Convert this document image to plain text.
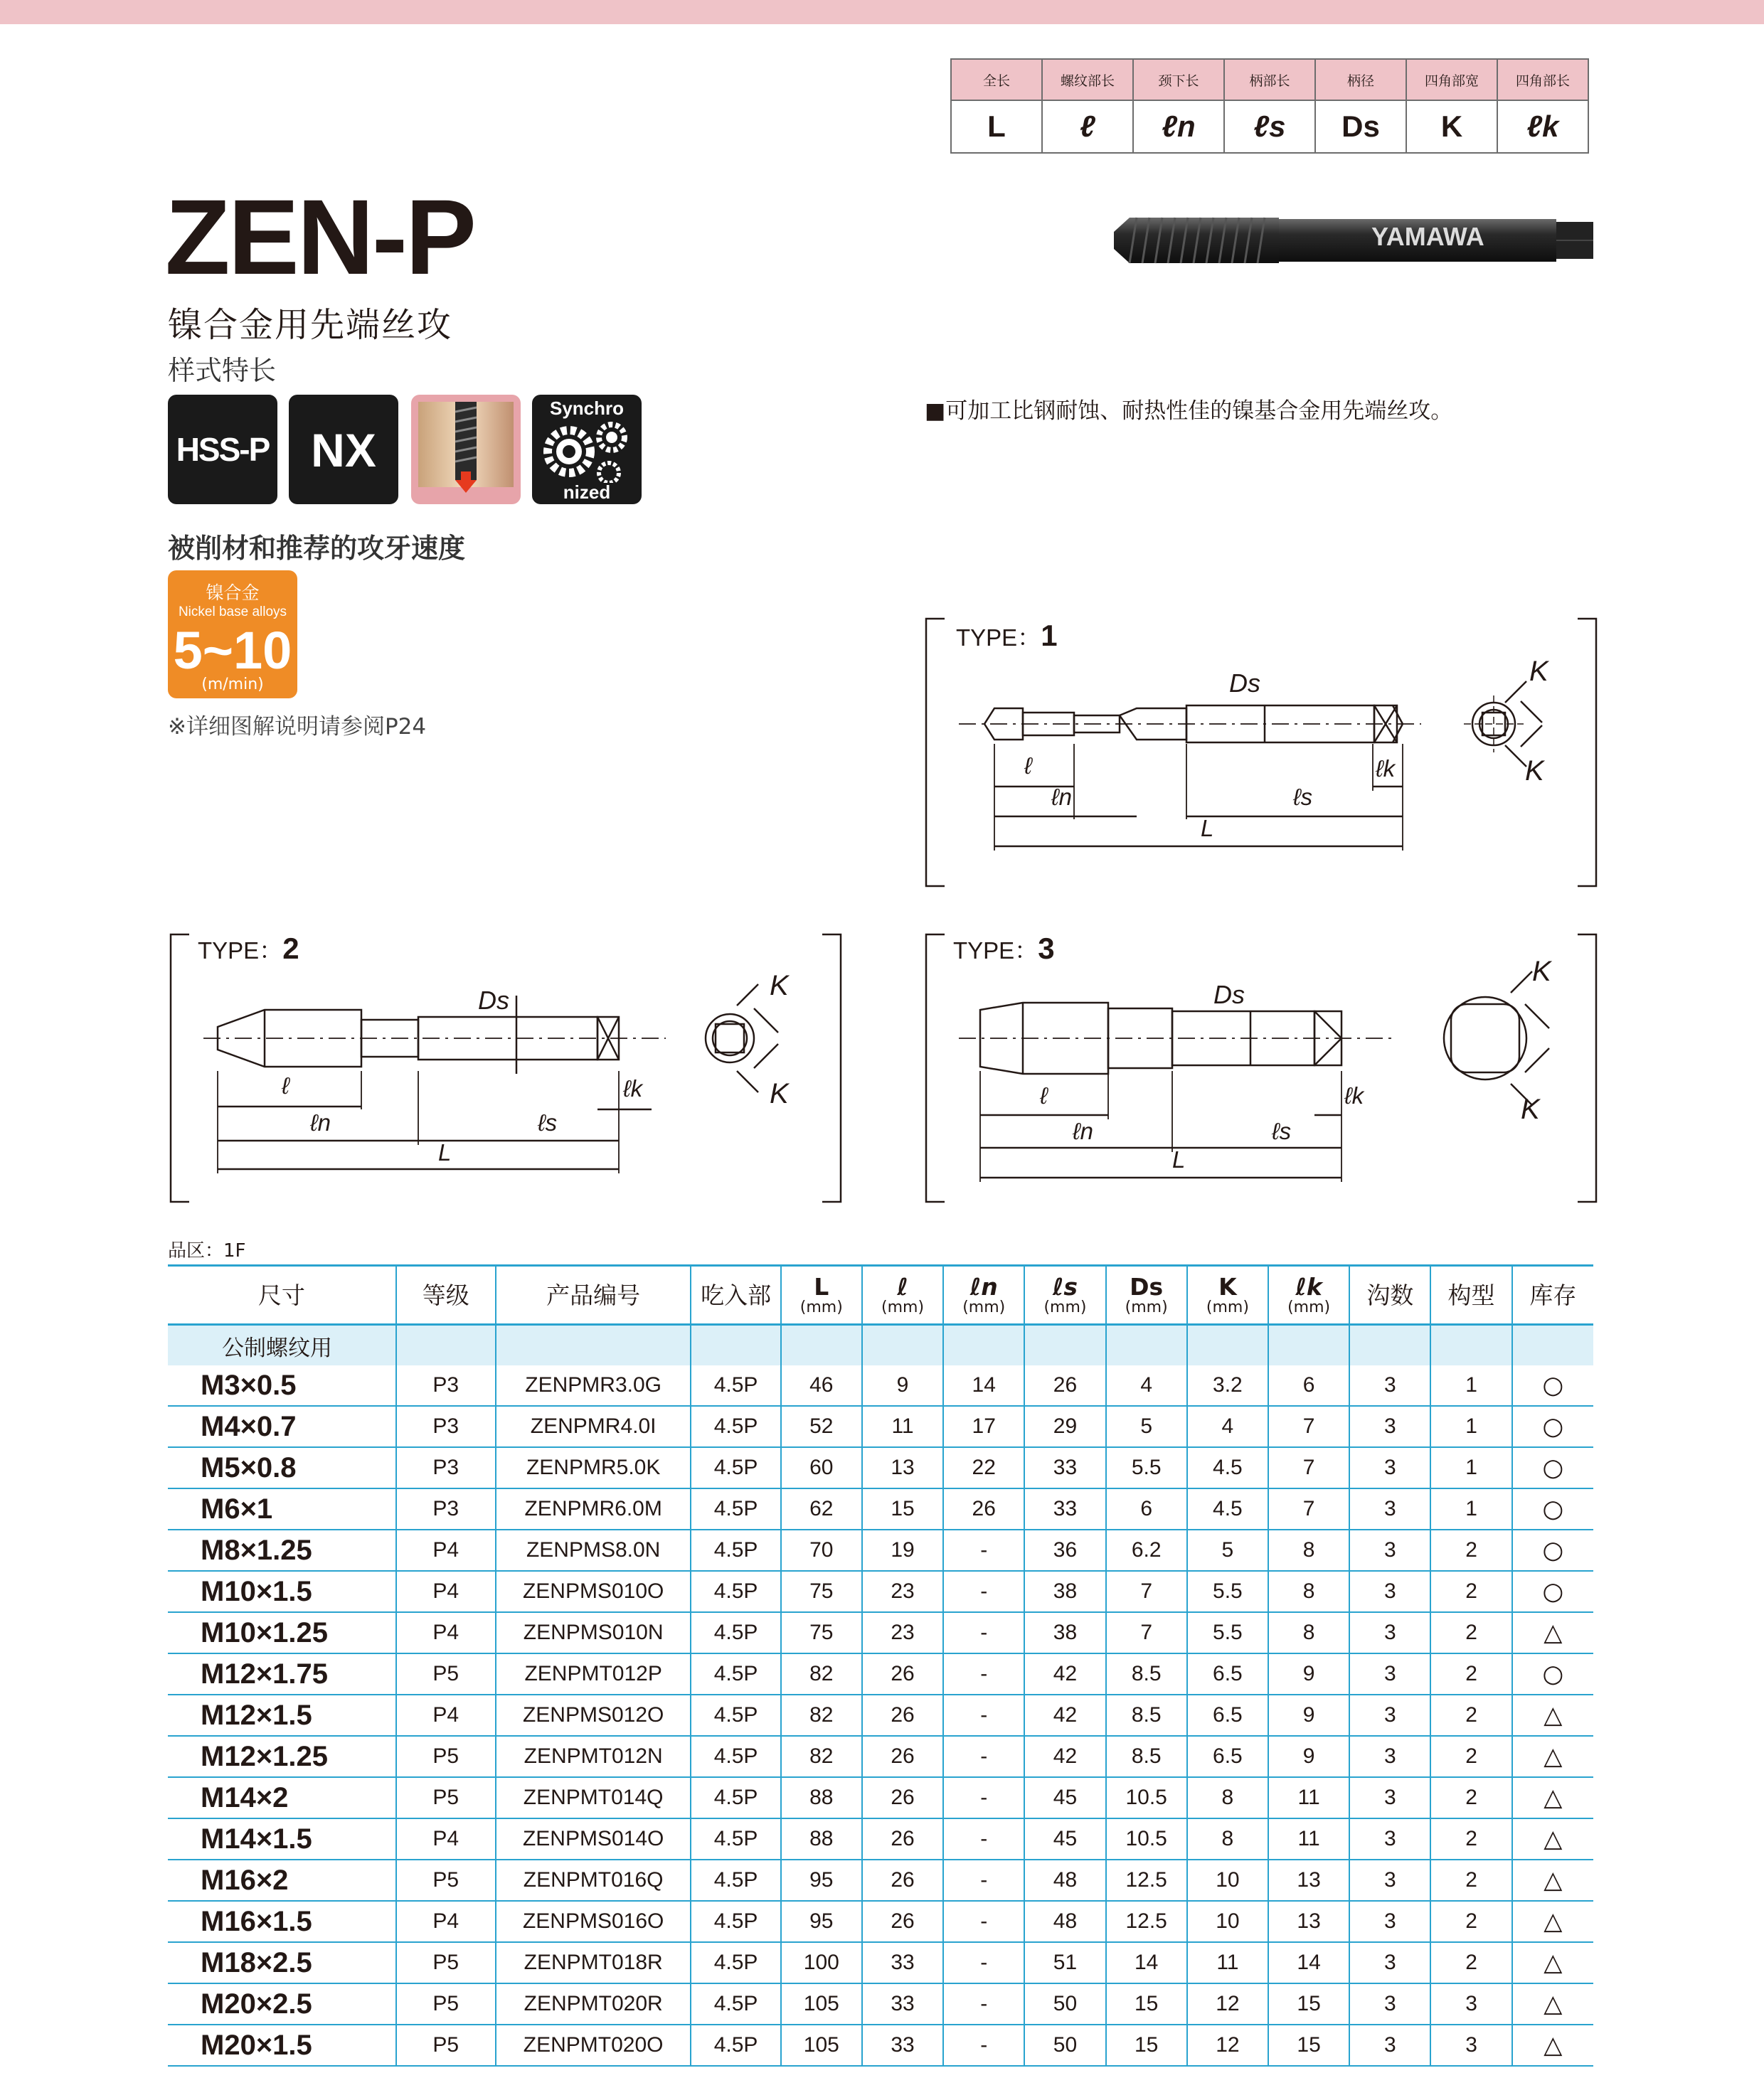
全长	螺纹部长	颈下长	柄部长	柄径	四角部宽	四角部长
L	ℓ	ℓn	ℓs	Ds	K	ℓk
ZEN-P
镍合金用先端丝攻
样式特长
HSS-P NX
Synchro
nized
被削材和推荐的攻牙速度
镍合金
Nickel base alloys
5~10
(m/min)
※详细图解说明请参阅P24
YAMAWA
■可加工比钢耐蚀、耐热性佳的镍基合金用先端丝攻。
TYPE：1
Ds
ℓ
ℓn	ℓs
ℓk
L
K
K
TYPE：2
Ds
ℓ
ℓn	ℓs
ℓk
L
K
K
TYPE：3
Ds
ℓ
ℓn	ℓs
ℓk
L
K
K
品区：1F
尺寸	等级	产品编号	吃入部	L
(mm)	ℓ
(mm)	ℓn
(mm)	ℓs
(mm)	Ds
(mm)	K
(mm)	ℓk
(mm)	沟数	构型	库存
公制螺纹用													
M3×0.5	P3	ZENPMR3.0G	4.5P	46	9	14	26	4	3.2	6	3	1	○
M4×0.7	P3	ZENPMR4.0I	4.5P	52	11	17	29	5	4	7	3	1	○
M5×0.8	P3	ZENPMR5.0K	4.5P	60	13	22	33	5.5	4.5	7	3	1	○
M6×1	P3	ZENPMR6.0M	4.5P	62	15	26	33	6	4.5	7	3	1	○
M8×1.25	P4	ZENPMS8.0N	4.5P	70	19	-	36	6.2	5	8	3	2	○
M10×1.5	P4	ZENPMS010O	4.5P	75	23	-	38	7	5.5	8	3	2	○
M10×1.25	P4	ZENPMS010N	4.5P	75	23	-	38	7	5.5	8	3	2	△
M12×1.75	P5	ZENPMT012P	4.5P	82	26	-	42	8.5	6.5	9	3	2	○
M12×1.5	P4	ZENPMS012O	4.5P	82	26	-	42	8.5	6.5	9	3	2	△
M12×1.25	P5	ZENPMT012N	4.5P	82	26	-	42	8.5	6.5	9	3	2	△
M14×2	P5	ZENPMT014Q	4.5P	88	26	-	45	10.5	8	11	3	2	△
M14×1.5	P4	ZENPMS014O	4.5P	88	26	-	45	10.5	8	11	3	2	△
M16×2	P5	ZENPMT016Q	4.5P	95	26	-	48	12.5	10	13	3	2	△
M16×1.5	P4	ZENPMS016O	4.5P	95	26	-	48	12.5	10	13	3	2	△
M18×2.5	P5	ZENPMT018R	4.5P	100	33	-	51	14	11	14	3	2	△
M20×2.5	P5	ZENPMT020R	4.5P	105	33	-	50	15	12	15	3	3	△
M20×1.5	P5	ZENPMT020O	4.5P	105	33	-	50	15	12	15	3	3	△
